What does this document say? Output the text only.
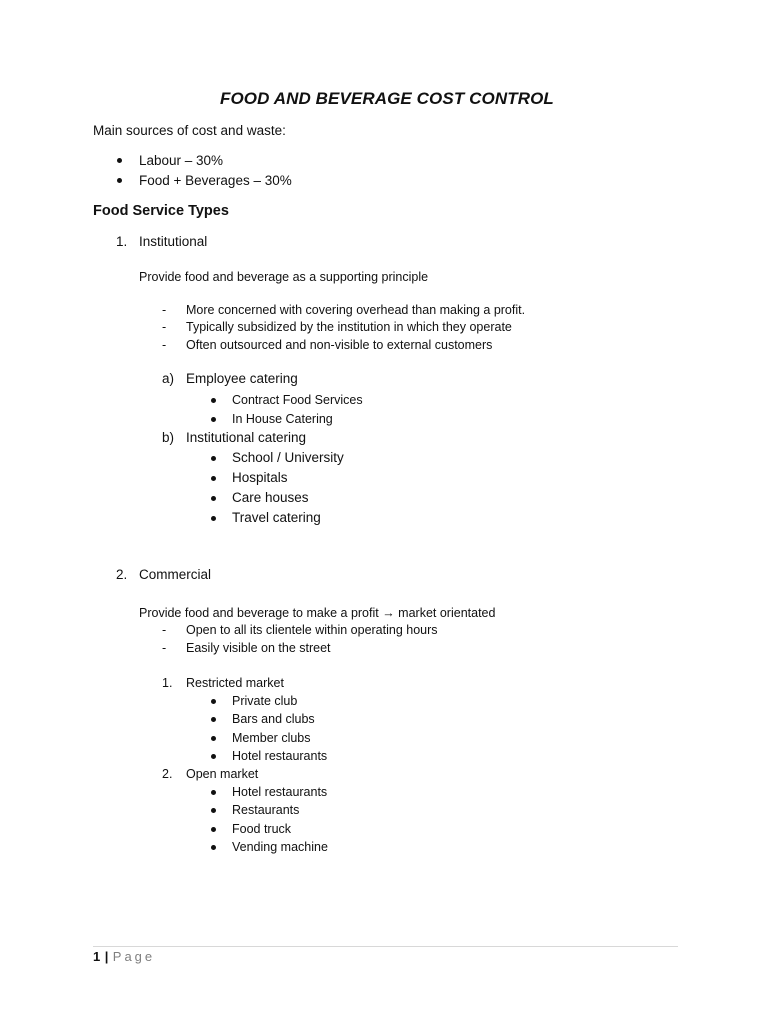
FOOD AND BEVERAGE COST CONTROL
Main sources of cost and waste:
Labour – 30%
Food + Beverages – 30%
Food Service Types
1. Institutional
Provide food and beverage as a supporting principle
- More concerned with covering overhead than making a profit.
- Typically subsidized by the institution in which they operate
- Often outsourced and non-visible to external customers
a) Employee catering
Contract Food Services
In House Catering
b) Institutional catering
School / University
Hospitals
Care houses
Travel catering
2. Commercial
Provide food and beverage to make a profit → market orientated
- Open to all its clientele within operating hours
- Easily visible on the street
1. Restricted market
Private club
Bars and clubs
Member clubs
Hotel restaurants
2. Open market
Hotel restaurants
Restaurants
Food truck
Vending machine
1 | Page
